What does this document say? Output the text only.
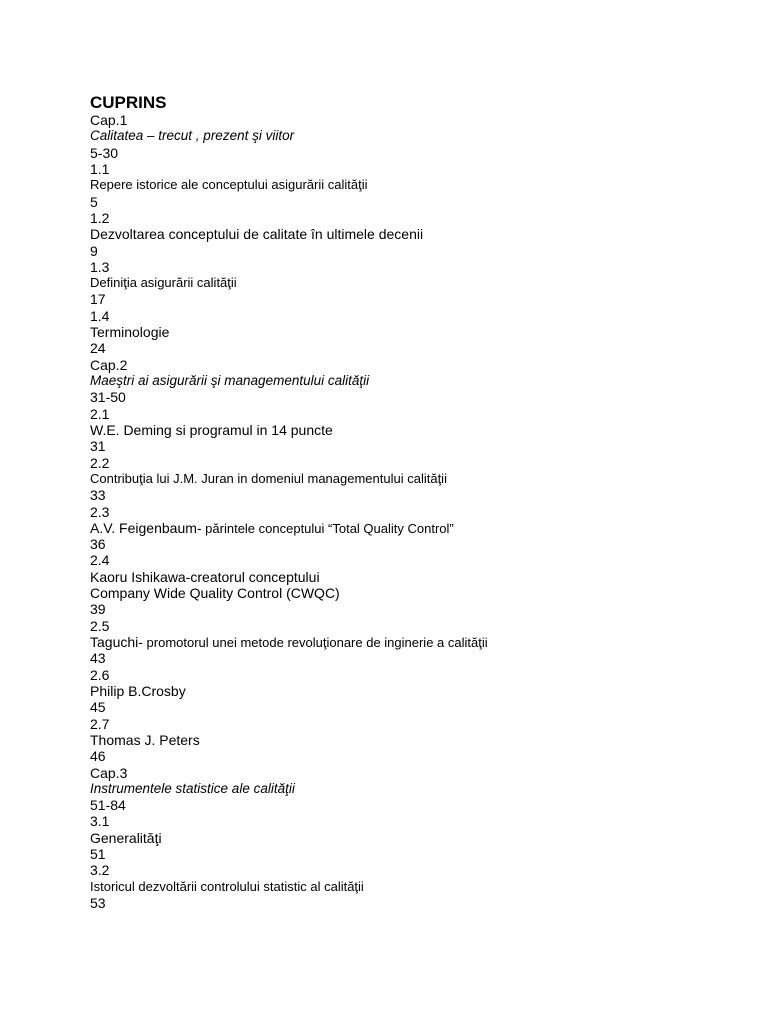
CUPRINS
Cap.1
Calitatea – trecut , prezent şi viitor
5-30
1.1
Repere istorice ale conceptului asigurării calităţii
5
1.2
Dezvoltarea conceptului de calitate în ultimele decenii
9
1.3
Definiţia asigurării calităţii
17
1.4
Terminologie
24
Cap.2
Maeştri ai asigurării şi managementului calităţii
31-50
2.1
W.E. Deming si programul in 14 puncte
31
2.2
Contribuţia lui J.M. Juran in domeniul managementului calităţii
33
2.3
A.V. Feigenbaum- părintele conceptului “Total Quality Control”
36
2.4
Kaoru Ishikawa-creatorul conceptului
Company Wide Quality Control (CWQC)
39
2.5
Taguchi- promotorul unei metode revoluţionare de inginerie a calităţii
43
2.6
Philip B.Crosby
45
2.7
Thomas J. Peters
46
Cap.3
Instrumentele statistice ale calităţii
51-84
3.1
Generalităţi
51
3.2
Istoricul dezvoltării controlului statistic al calităţii
53
